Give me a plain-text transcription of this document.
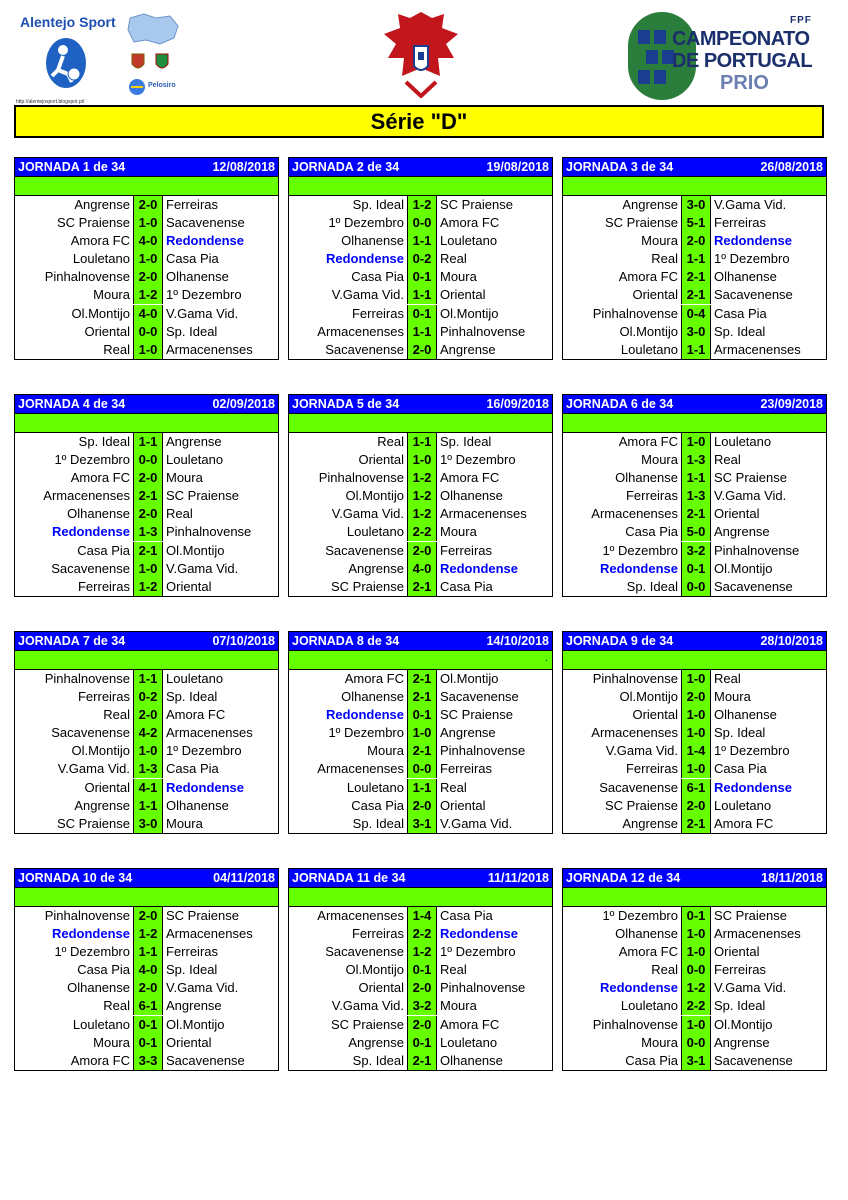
Alentejo Sport
Pelosiro
http://alentejosport.blogspot.pt/
FPF
CAMPEONATO
DE PORTUGAL
PRIO
Série "D"
JORNADA 1 de 34	12/08/2018
Angrense 2-0 Ferreiras
SC Praiense 1-0 Sacavenense
Amora FC 4-0 Redondense
Louletano 1-0 Casa Pia
Pinhalnovense 2-0 Olhanense
Moura 1-2 1º Dezembro
Ol.Montijo 4-0 V.Gama Vid.
Oriental 0-0 Sp. Ideal
Real 1-0 Armacenenses
JORNADA 2 de 34	19/08/2018
Sp. Ideal 1-2 SC Praiense
1º Dezembro 0-0 Amora FC
Olhanense 1-1 Louletano
Redondense 0-2 Real
Casa Pia 0-1 Moura
V.Gama Vid. 1-1 Oriental
Ferreiras 0-1 Ol.Montijo
Armacenenses 1-1 Pinhalnovense
Sacavenense 2-0 Angrense
JORNADA 3 de 34	26/08/2018
Angrense 3-0 V.Gama Vid.
SC Praiense 5-1 Ferreiras
Moura 2-0 Redondense
Real 1-1 1º Dezembro
Amora FC 2-1 Olhanense
Oriental 2-1 Sacavenense
Pinhalnovense 0-4 Casa Pia
Ol.Montijo 3-0 Sp. Ideal
Louletano 1-1 Armacenenses
JORNADA 4 de 34	02/09/2018
Sp. Ideal 1-1 Angrense
1º Dezembro 0-0 Louletano
Amora FC 2-0 Moura
Armacenenses 2-1 SC Praiense
Olhanense 2-0 Real
Redondense 1-3 Pinhalnovense
Casa Pia 2-1 Ol.Montijo
Sacavenense 1-0 V.Gama Vid.
Ferreiras 1-2 Oriental
JORNADA 5 de 34	16/09/2018
Real 1-1 Sp. Ideal
Oriental 1-0 1º Dezembro
Pinhalnovense 1-2 Amora FC
Ol.Montijo 1-2 Olhanense
V.Gama Vid. 1-2 Armacenenses
Louletano 2-2 Moura
Sacavenense 2-0 Ferreiras
Angrense 4-0 Redondense
SC Praiense 2-1 Casa Pia
JORNADA 6 de 34	23/09/2018
Amora FC 1-0 Louletano
Moura 1-3 Real
Olhanense 1-1 SC Praiense
Ferreiras 1-3 V.Gama Vid.
Armacenenses 2-1 Oriental
Casa Pia 5-0 Angrense
1º Dezembro 3-2 Pinhalnovense
Redondense 0-1 Ol.Montijo
Sp. Ideal 0-0 Sacavenense
JORNADA 7 de 34	07/10/2018
Pinhalnovense 1-1 Louletano
Ferreiras 0-2 Sp. Ideal
Real 2-0 Amora FC
Sacavenense 4-2 Armacenenses
Ol.Montijo 1-0 1º Dezembro
V.Gama Vid. 1-3 Casa Pia
Oriental 4-1 Redondense
Angrense 1-1 Olhanense
SC Praiense 3-0 Moura
JORNADA 8 de 34	14/10/2018
.
Amora FC 2-1 Ol.Montijo
Olhanense 2-1 Sacavenense
Redondense 0-1 SC Praiense
1º Dezembro 1-0 Angrense
Moura 2-1 Pinhalnovense
Armacenenses 0-0 Ferreiras
Louletano 1-1 Real
Casa Pia 2-0 Oriental
Sp. Ideal 3-1 V.Gama Vid.
JORNADA 9 de 34	28/10/2018
Pinhalnovense 1-0 Real
Ol.Montijo 2-0 Moura
Oriental 1-0 Olhanense
Armacenenses 1-0 Sp. Ideal
V.Gama Vid. 1-4 1º Dezembro
Ferreiras 1-0 Casa Pia
Sacavenense 6-1 Redondense
SC Praiense 2-0 Louletano
Angrense 2-1 Amora FC
JORNADA 10 de 34	04/11/2018
Pinhalnovense 2-0 SC Praiense
Redondense 1-2 Armacenenses
1º Dezembro 1-1 Ferreiras
Casa Pia 4-0 Sp. Ideal
Olhanense 2-0 V.Gama Vid.
Real 6-1 Angrense
Louletano 0-1 Ol.Montijo
Moura 0-1 Oriental
Amora FC 3-3 Sacavenense
JORNADA 11 de 34	11/11/2018
Armacenenses 1-4 Casa Pia
Ferreiras 2-2 Redondense
Sacavenense 1-2 1º Dezembro
Ol.Montijo 0-1 Real
Oriental 2-0 Pinhalnovense
V.Gama Vid. 3-2 Moura
SC Praiense 2-0 Amora FC
Angrense 0-1 Louletano
Sp. Ideal 2-1 Olhanense
JORNADA 12 de 34	18/11/2018
1º Dezembro 0-1 SC Praiense
Olhanense 1-0 Armacenenses
Amora FC 1-0 Oriental
Real 0-0 Ferreiras
Redondense 1-2 V.Gama Vid.
Louletano 2-2 Sp. Ideal
Pinhalnovense 1-0 Ol.Montijo
Moura 0-0 Angrense
Casa Pia 3-1 Sacavenense
